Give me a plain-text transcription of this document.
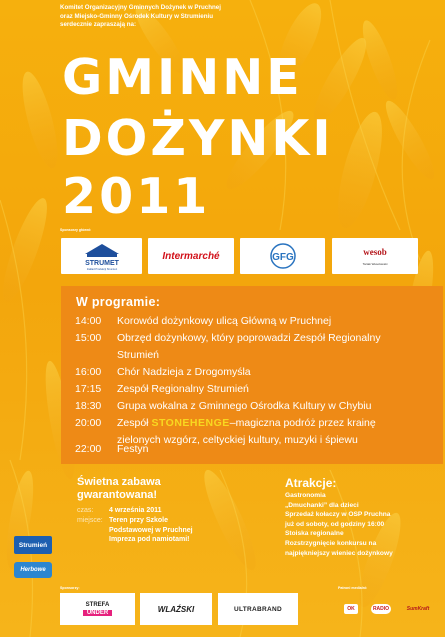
Komitet Organizacyjny Gminnych Dożynek w Pruchnej
oraz Miejsko-Gminny Ośrodek Kultury w Strumieniu
serdecznie zapraszają na:
GMINNE
DOŻYNKI
2011
Sponsorzy główni:
STRUMET
Zakład Produkcji Strumień
Intermarché	GFG	wesob
Tartak Wesołowski
W programie:
14:00	Korowód dożynkowy ulicą Główną w Pruchnej
15:00	Obrzęd dożynkowy, który poprowadzi Zespół Regionalny
Strumień
16:00	Chór Nadzieja z Drogomyśla
17:15	Zespół Regionalny Strumień
18:30	Grupa wokalna z Gminnego Ośrodka Kultury w Chybiu
20:00	Zespół STONEHENGE–magiczna podróż przez krainę
zielonych wzgórz, celtyckiej kultury, muzyki i śpiewu
22:00	Festyn
Świetna zabawa
gwarantowana!
czas: 4 września 2011
miejsce: Teren przy Szkole
Podstawowej w Pruchnej
Impreza pod namiotami!
Atrakcje:
Gastronomia
„Dmuchanki” dla dzieci
Sprzedaż kołaczy w OSP Pruchna
już od soboty, od godziny 16:00
Stoiska regionalne
Rozstrzygnięcie konkursu na
najpiękniejszy wieniec dożynkowy
Strumień
Herbowe
Sponsorzy:
STREFA
UNDER	WLAŹSKI	ULTRABRAND
Patroni medialni:
OK	RADIO	SumKraft
